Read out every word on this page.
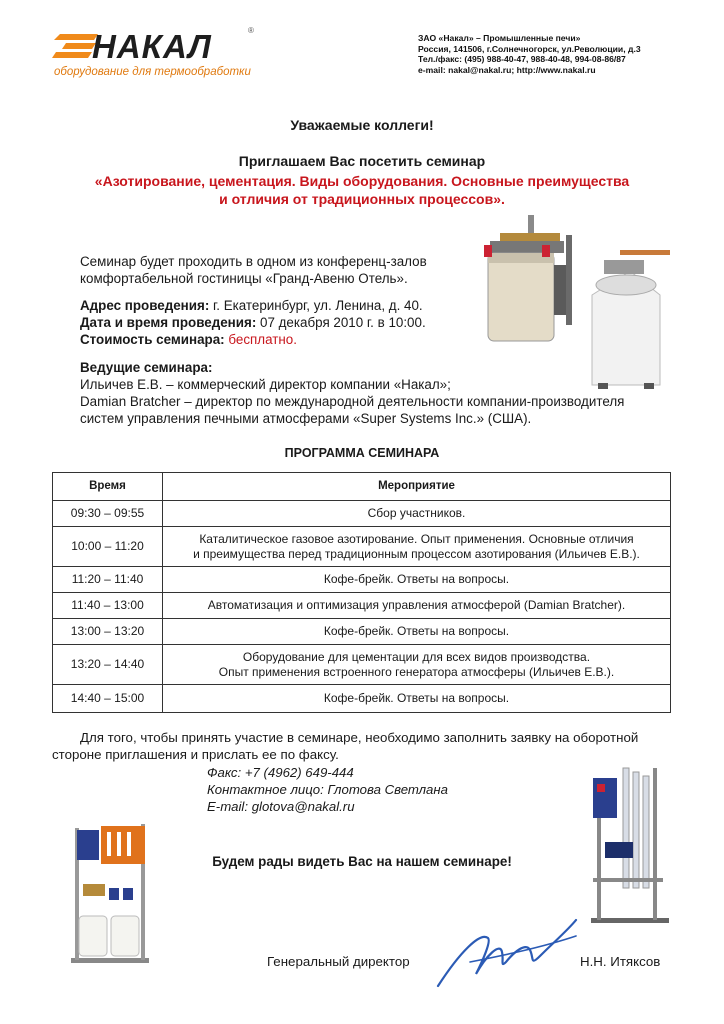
НАКАЛ	®
оборудование для термообработки
ЗАО «Накал» – Промышленные печи»
Россия, 141506, г.Солнечногорск, ул.Революции, д.3
Тел./факс: (495) 988-40-47, 988-40-48, 994-08-86/87
e-mail: nakal@nakal.ru; http://www.nakal.ru
Уважаемые коллеги!
Приглашаем Вас посетить семинар
«Азотирование, цементация. Виды оборудования. Основные преимущества
и отличия от традиционных процессов».
Семинар будет проходить в одном из конференц-залов
комфортабельной гостиницы «Гранд-Авеню Отель».
Адрес проведения: г. Екатеринбург, ул. Ленина, д. 40.
Дата и время проведения: 07 декабря 2010 г. в 10:00.
Стоимость семинара: бесплатно.
Ведущие семинара:
Ильичев Е.В. – коммерческий директор компании «Накал»;
Damian Bratcher – директор по международной деятельности компании-производителя
систем управления печными атмосферами «Super Systems Inc.» (США).
ПРОГРАММА СЕМИНАРА
Время	Мероприятие
09:30 – 09:55	Сбор участников.

10:00 – 11:20	Каталитическое газовое азотирование. Опыт применения. Основные отличия
и преимущества перед традиционным процессом азотирования (Ильичев Е.В.).

11:20 – 11:40	Кофе-брейк. Ответы на вопросы.

11:40 – 13:00	Автоматизация и оптимизация управления атмосферой (Damian Bratcher).

13:00 – 13:20	Кофе-брейк. Ответы на вопросы.

13:20 – 14:40	Оборудование для цементации для всех видов производства.
Опыт применения встроенного генератора атмосферы (Ильичев Е.В.).

14:40 – 15:00	Кофе-брейк. Ответы на вопросы.
Для того, чтобы принять участие в семинаре, необходимо заполнить заявку на оборотной стороне приглашения и прислать ее по факсу.
Факс: +7 (4962) 649-444
Контактное лицо: Глотова Светлана
E-mail: glotova@nakal.ru
Будем рады видеть Вас на нашем семинаре!
Генеральный директор	Н.Н. Итяксов
